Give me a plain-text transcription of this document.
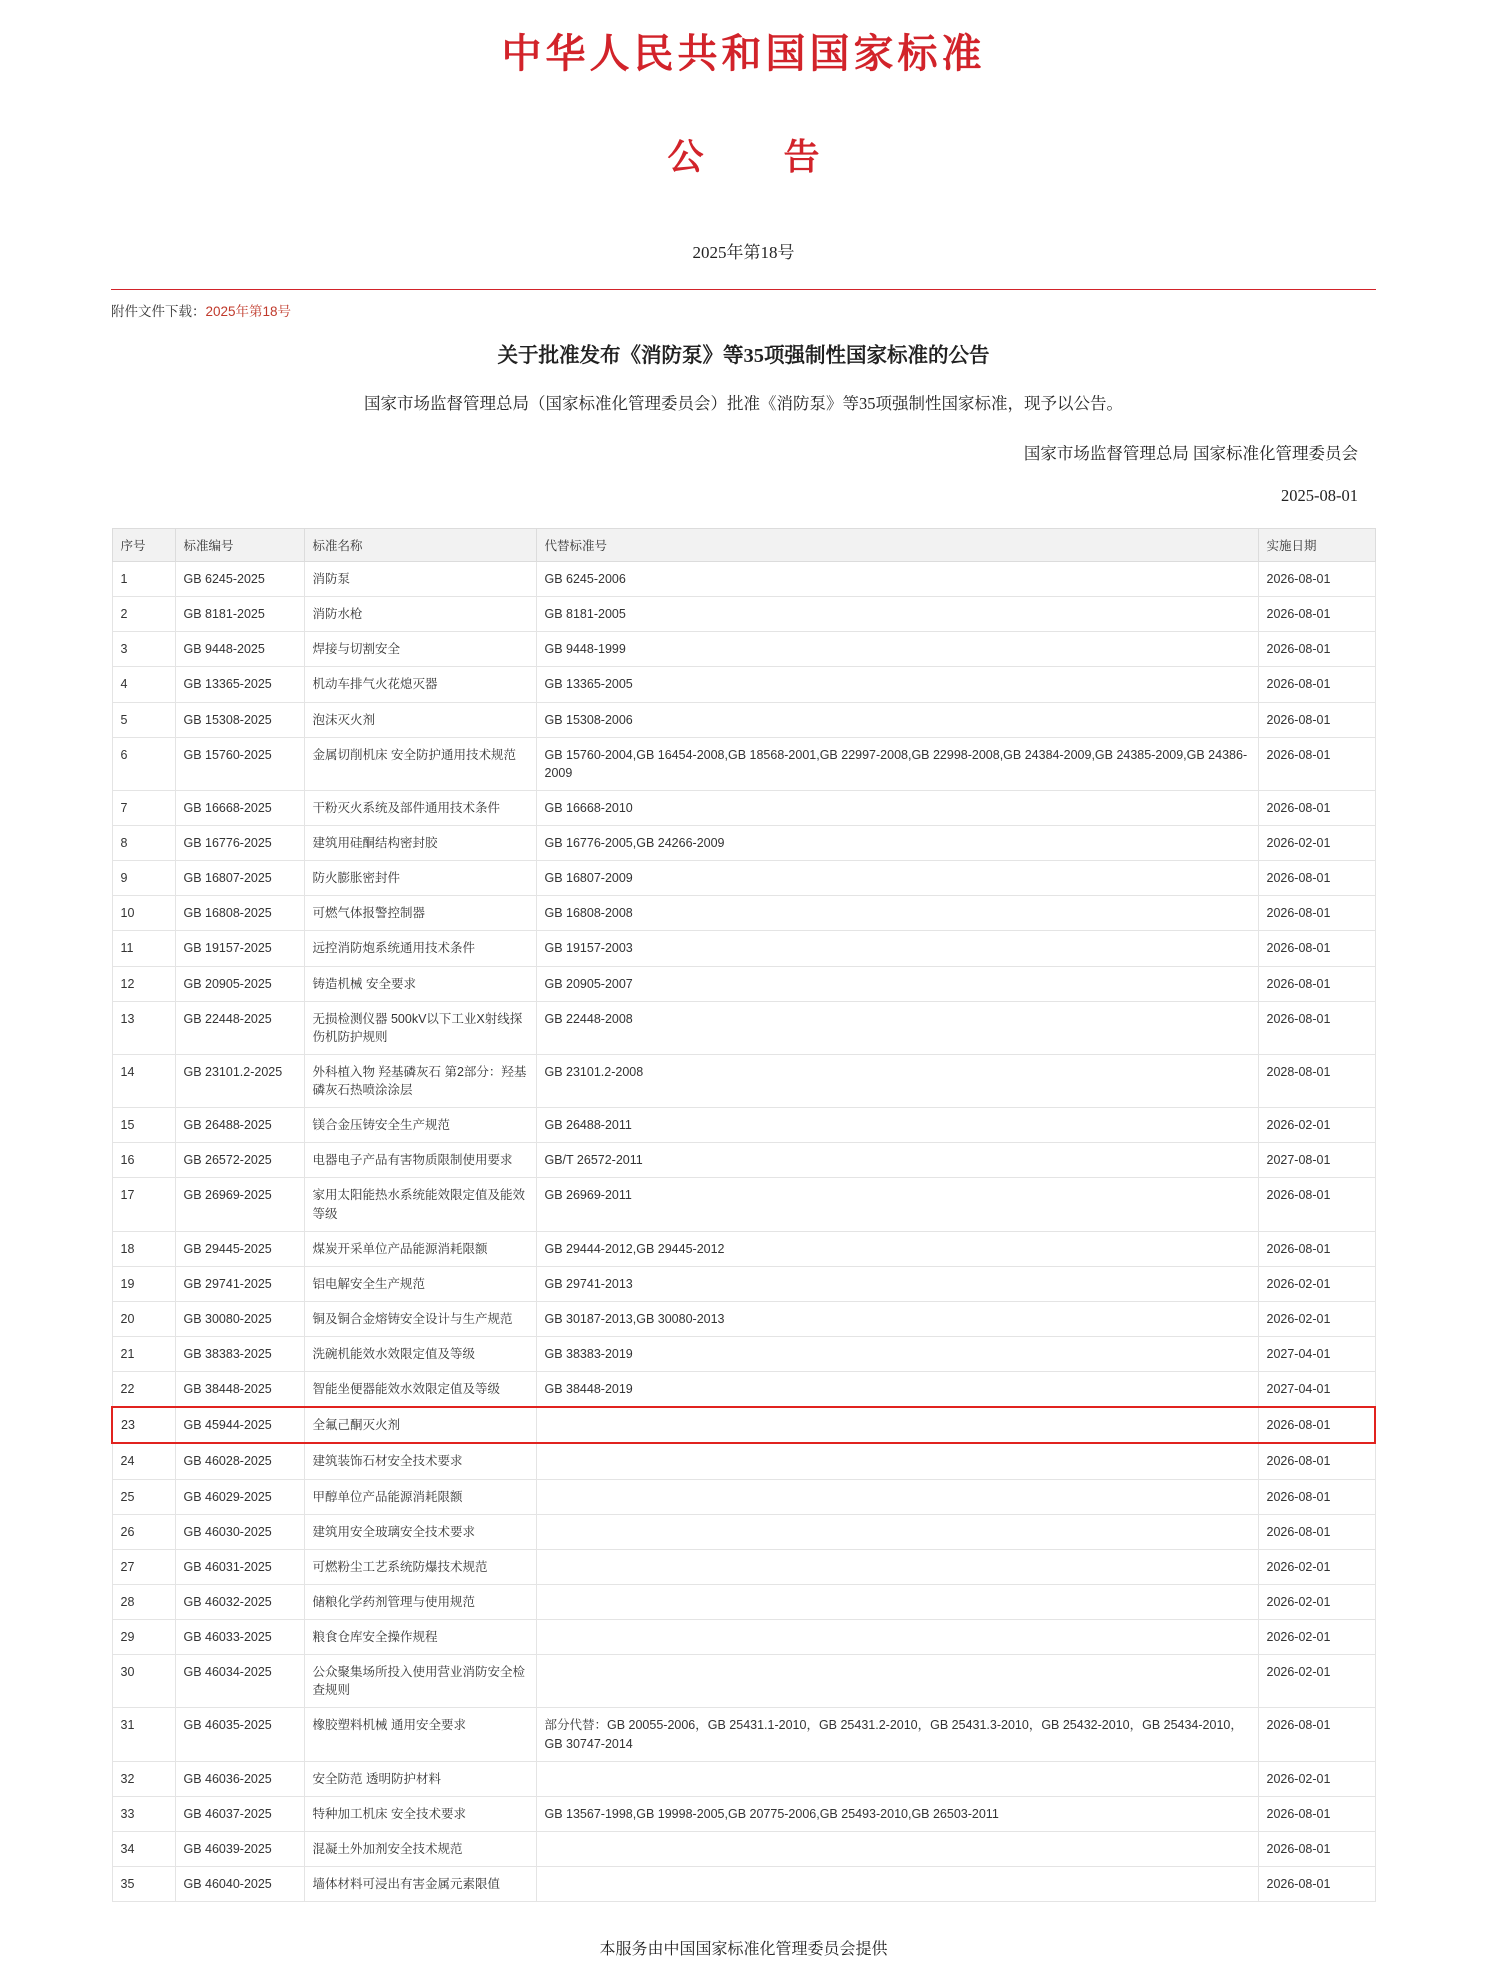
中华人民共和国国家标准
公　告
2025年第18号
附件文件下载：2025年第18号
关于批准发布《消防泵》等35项强制性国家标准的公告
国家市场监督管理总局（国家标准化管理委员会）批准《消防泵》等35项强制性国家标准，现予以公告。
国家市场监督管理总局 国家标准化管理委员会
2025-08-01
序号	标准编号	标准名称	代替标准号	实施日期
1	GB 6245-2025	消防泵	GB 6245-2006	2026-08-01
2	GB 8181-2025	消防水枪	GB 8181-2005	2026-08-01
3	GB 9448-2025	焊接与切割安全	GB 9448-1999	2026-08-01
4	GB 13365-2025	机动车排气火花熄灭器	GB 13365-2005	2026-08-01
5	GB 15308-2025	泡沫灭火剂	GB 15308-2006	2026-08-01
6	GB 15760-2025	金属切削机床 安全防护通用技术规范	GB 15760-2004,GB 16454-2008,GB 18568-2001,GB 22997-2008,GB 22998-2008,GB 24384-2009,GB 24385-2009,GB 24386-2009	2026-08-01
7	GB 16668-2025	干粉灭火系统及部件通用技术条件	GB 16668-2010	2026-08-01
8	GB 16776-2025	建筑用硅酮结构密封胶	GB 16776-2005,GB 24266-2009	2026-02-01
9	GB 16807-2025	防火膨胀密封件	GB 16807-2009	2026-08-01
10	GB 16808-2025	可燃气体报警控制器	GB 16808-2008	2026-08-01
11	GB 19157-2025	远控消防炮系统通用技术条件	GB 19157-2003	2026-08-01
12	GB 20905-2025	铸造机械 安全要求	GB 20905-2007	2026-08-01
13	GB 22448-2025	无损检测仪器 500kV以下工业X射线探伤机防护规则	GB 22448-2008	2026-08-01
14	GB 23101.2-2025	外科植入物 羟基磷灰石 第2部分：羟基磷灰石热喷涂涂层	GB 23101.2-2008	2028-08-01
15	GB 26488-2025	镁合金压铸安全生产规范	GB 26488-2011	2026-02-01
16	GB 26572-2025	电器电子产品有害物质限制使用要求	GB/T 26572-2011	2027-08-01
17	GB 26969-2025	家用太阳能热水系统能效限定值及能效等级	GB 26969-2011	2026-08-01
18	GB 29445-2025	煤炭开采单位产品能源消耗限额	GB 29444-2012,GB 29445-2012	2026-08-01
19	GB 29741-2025	铝电解安全生产规范	GB 29741-2013	2026-02-01
20	GB 30080-2025	铜及铜合金熔铸安全设计与生产规范	GB 30187-2013,GB 30080-2013	2026-02-01
21	GB 38383-2025	洗碗机能效水效限定值及等级	GB 38383-2019	2027-04-01
22	GB 38448-2025	智能坐便器能效水效限定值及等级	GB 38448-2019	2027-04-01
23	GB 45944-2025	全氟己酮灭火剂		2026-08-01
24	GB 46028-2025	建筑装饰石材安全技术要求		2026-08-01
25	GB 46029-2025	甲醇单位产品能源消耗限额		2026-08-01
26	GB 46030-2025	建筑用安全玻璃安全技术要求		2026-08-01
27	GB 46031-2025	可燃粉尘工艺系统防爆技术规范		2026-02-01
28	GB 46032-2025	储粮化学药剂管理与使用规范		2026-02-01
29	GB 46033-2025	粮食仓库安全操作规程		2026-02-01
30	GB 46034-2025	公众聚集场所投入使用营业消防安全检查规则		2026-02-01
31	GB 46035-2025	橡胶塑料机械 通用安全要求	部分代替：GB 20055-2006，GB 25431.1-2010，GB 25431.2-2010，GB 25431.3-2010，GB 25432-2010，GB 25434-2010，GB 30747-2014	2026-08-01
32	GB 46036-2025	安全防范 透明防护材料		2026-02-01
33	GB 46037-2025	特种加工机床 安全技术要求	GB 13567-1998,GB 19998-2005,GB 20775-2006,GB 25493-2010,GB 26503-2011	2026-08-01
34	GB 46039-2025	混凝土外加剂安全技术规范		2026-08-01
35	GB 46040-2025	墙体材料可浸出有害金属元素限值		2026-08-01
本服务由中国国家标准化管理委员会提供
